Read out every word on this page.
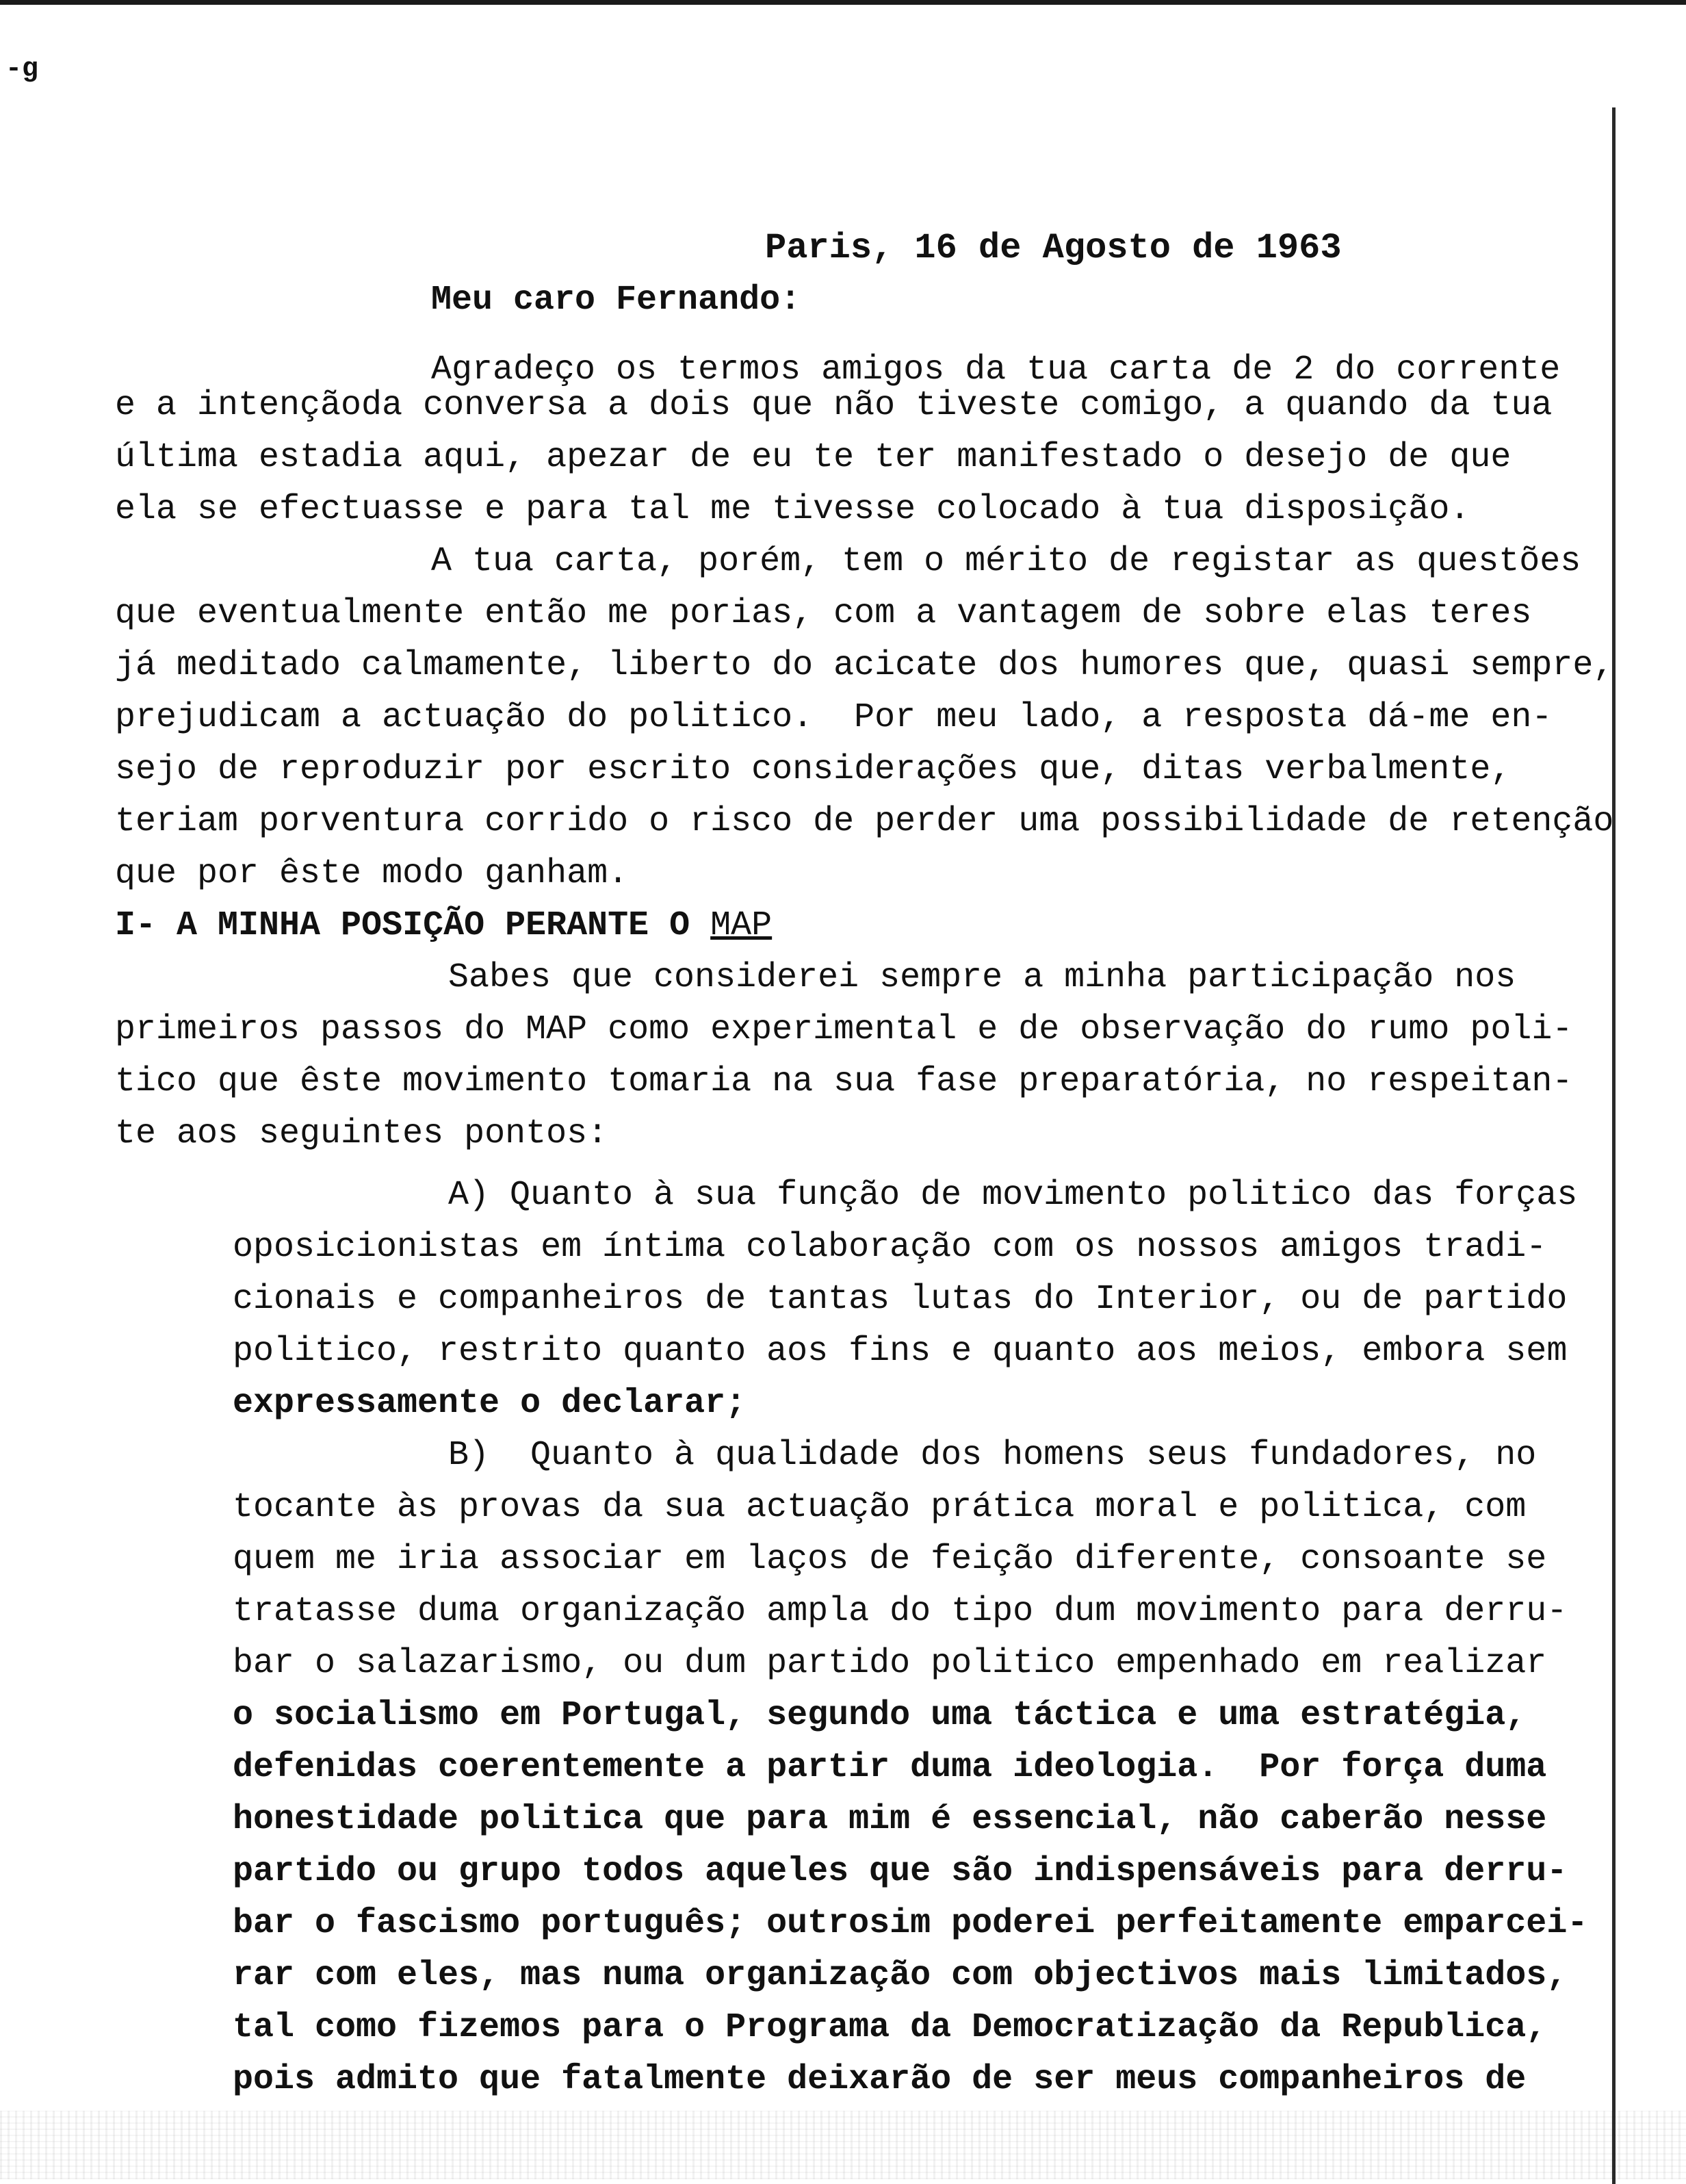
‐g
Paris, 16 de Agosto de 1963
Meu caro Fernando:
Agradeço os termos amigos da tua carta de 2 do corrente
e a intençãoda conversa a dois que não tiveste comigo, a quando da tua
última estadia aqui, apezar de eu te ter manifestado o desejo de que
ela se efectuasse e para tal me tivesse colocado à tua disposição.
A tua carta, porém, tem o mérito de registar as questões
que eventualmente então me porias, com a vantagem de sobre elas teres
já meditado calmamente, liberto do acicate dos humores que, quasi sempre,
prejudicam a actuação do politico.  Por meu lado, a resposta dá-me en-
sejo de reproduzir por escrito considerações que, ditas verbalmente,
teriam porventura corrido o risco de perder uma possibilidade de retenção
que por êste modo ganham.
I- A MINHA POSIÇÃO PERANTE O MAP
Sabes que considerei sempre a minha participação nos
primeiros passos do MAP como experimental e de observação do rumo poli-
tico que êste movimento tomaria na sua fase preparatória, no respeitan-
te aos seguintes pontos:
A) Quanto à sua função de movimento politico das forças
oposicionistas em íntima colaboração com os nossos amigos tradi-
cionais e companheiros de tantas lutas do Interior, ou de partido
politico, restrito quanto aos fins e quanto aos meios, embora sem
expressamente o declarar;
B)  Quanto à qualidade dos homens seus fundadores, no
tocante às provas da sua actuação prática moral e politica, com
quem me iria associar em laços de feição diferente, consoante se
tratasse duma organização ampla do tipo dum movimento para derru-
bar o salazarismo, ou dum partido politico empenhado em realizar
o socialismo em Portugal, segundo uma táctica e uma estratégia,
defenidas coerentemente a partir duma ideologia.  Por força duma
honestidade politica que para mim é essencial, não caberão nesse
partido ou grupo todos aqueles que são indispensáveis para derru-
bar o fascismo português; outrosim poderei perfeitamente emparcei-
rar com eles, mas numa organização com objectivos mais limitados,
tal como fizemos para o Programa da Democratização da Republica,
pois admito que fatalmente deixarão de ser meus companheiros de
